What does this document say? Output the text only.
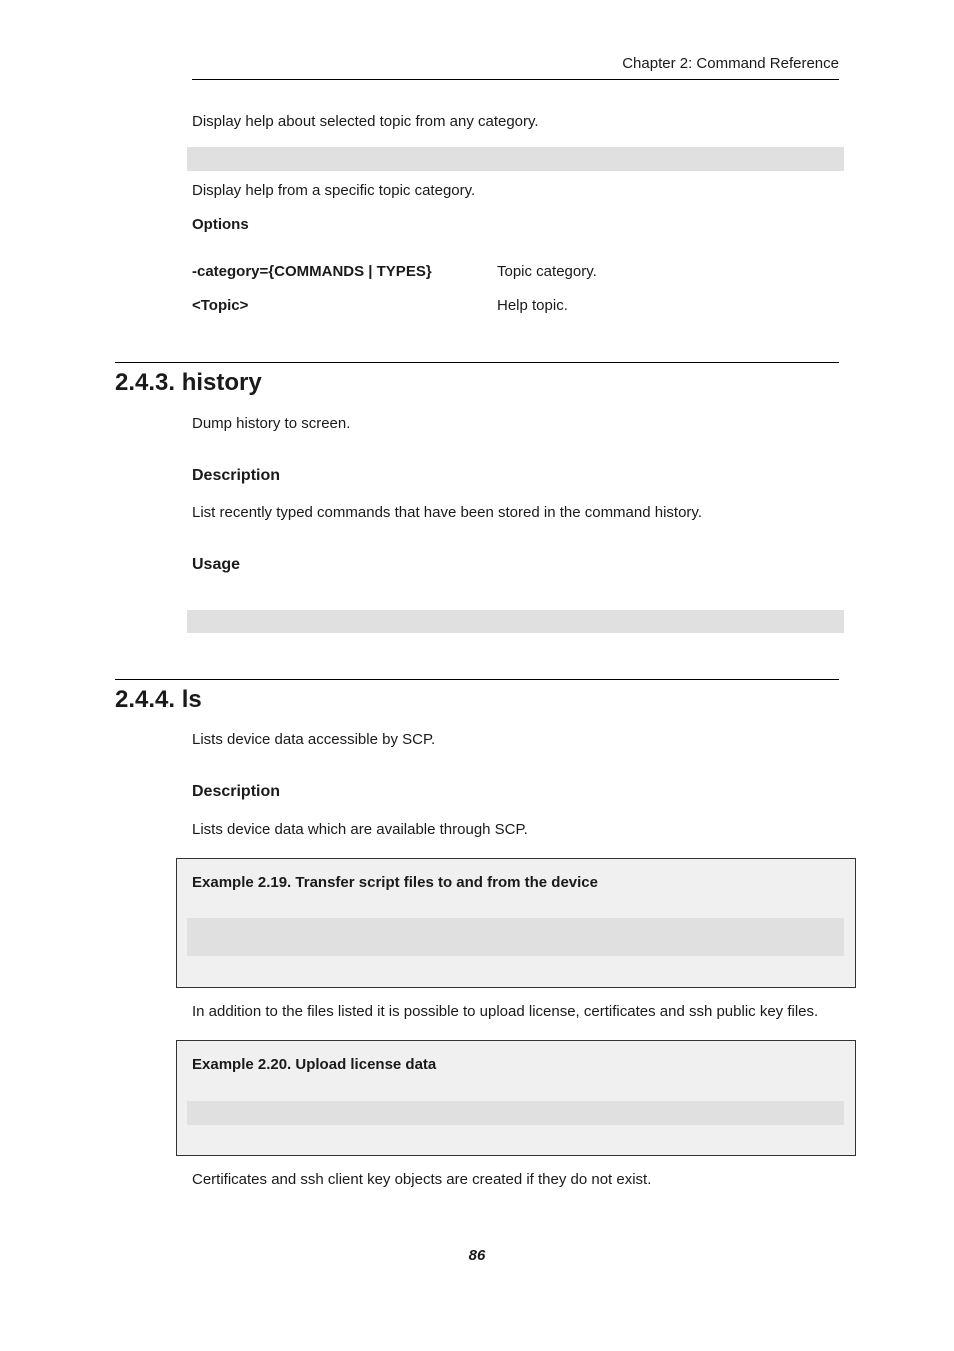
Chapter 2: Command Reference
Display help about selected topic from any category.
Display help from a specific topic category.
Options
-category={COMMANDS | TYPES}	Topic category.
<Topic>	Help topic.
2.4.3. history
Dump history to screen.
Description
List recently typed commands that have been stored in the command history.
Usage
2.4.4. ls
Lists device data accessible by SCP.
Description
Lists device data which are available through SCP.
Example 2.19. Transfer script files to and from the device
In addition to the files listed it is possible to upload license, certificates and ssh public key files.
Example 2.20. Upload license data
Certificates and ssh client key objects are created if they do not exist.
86
